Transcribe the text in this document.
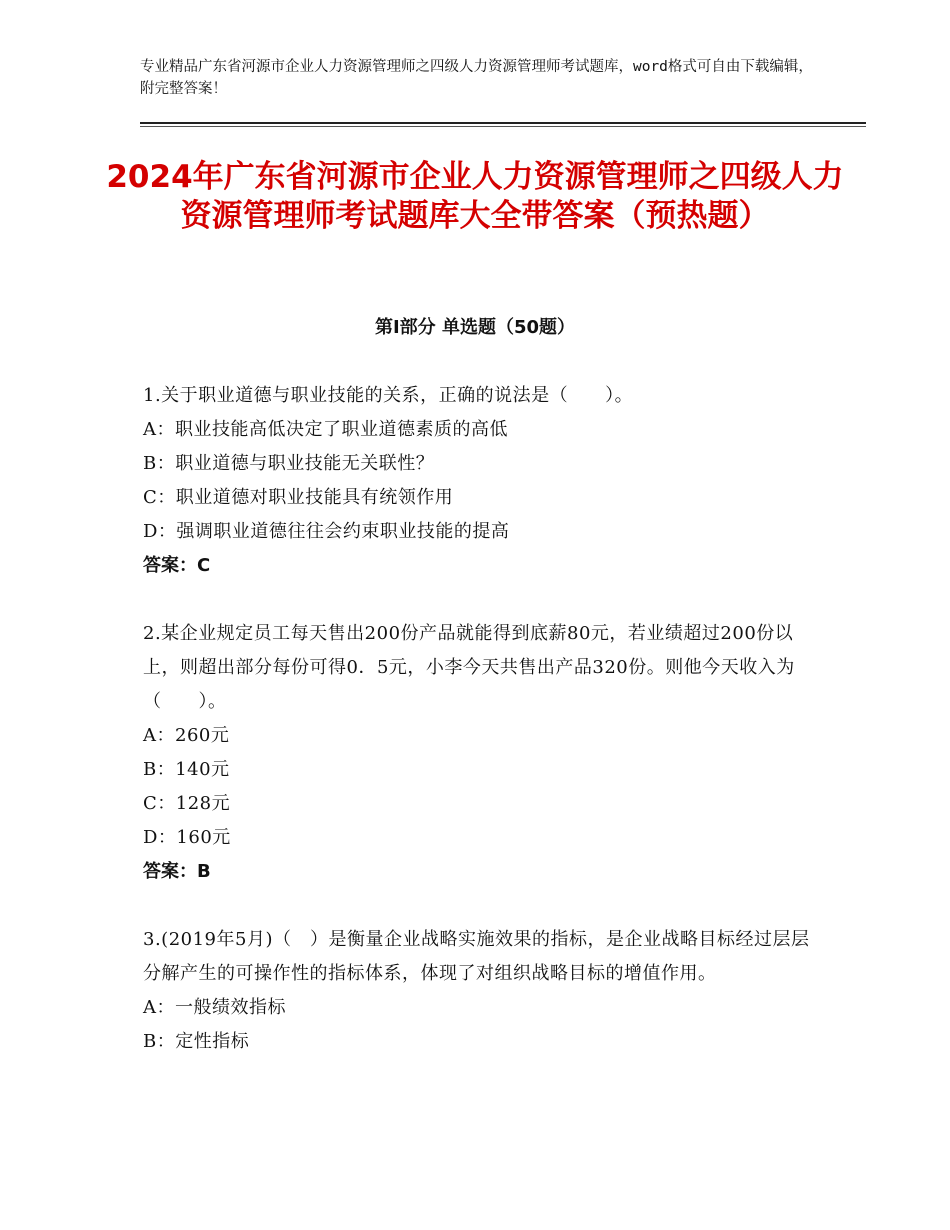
专业精品广东省河源市企业人力资源管理师之四级人力资源管理师考试题库，word格式可自由下载编辑，附完整答案！
2024年广东省河源市企业人力资源管理师之四级人力资源管理师考试题库大全带答案（预热题）
第Ⅰ部分 单选题（50题）

1.关于职业道德与职业技能的关系，正确的说法是（　　）。

A：职业技能高低决定了职业道德素质的高低

B：职业道德与职业技能无关联性？

C：职业道德对职业技能具有统领作用

D：强调职业道德往往会约束职业技能的提高

答案：C

2.某企业规定员工每天售出200份产品就能得到底薪80元，若业绩超过200份以上，则超出部分每份可得0．5元，小李今天共售出产品320份。则他今天收入为（　　）。

A：260元

B：140元

C：128元

D：160元

答案：B

3.(2019年5月)（　）是衡量企业战略实施效果的指标，是企业战略目标经过层层分解产生的可操作性的指标体系，体现了对组织战略目标的增值作用。

A：一般绩效指标

B：定性指标
